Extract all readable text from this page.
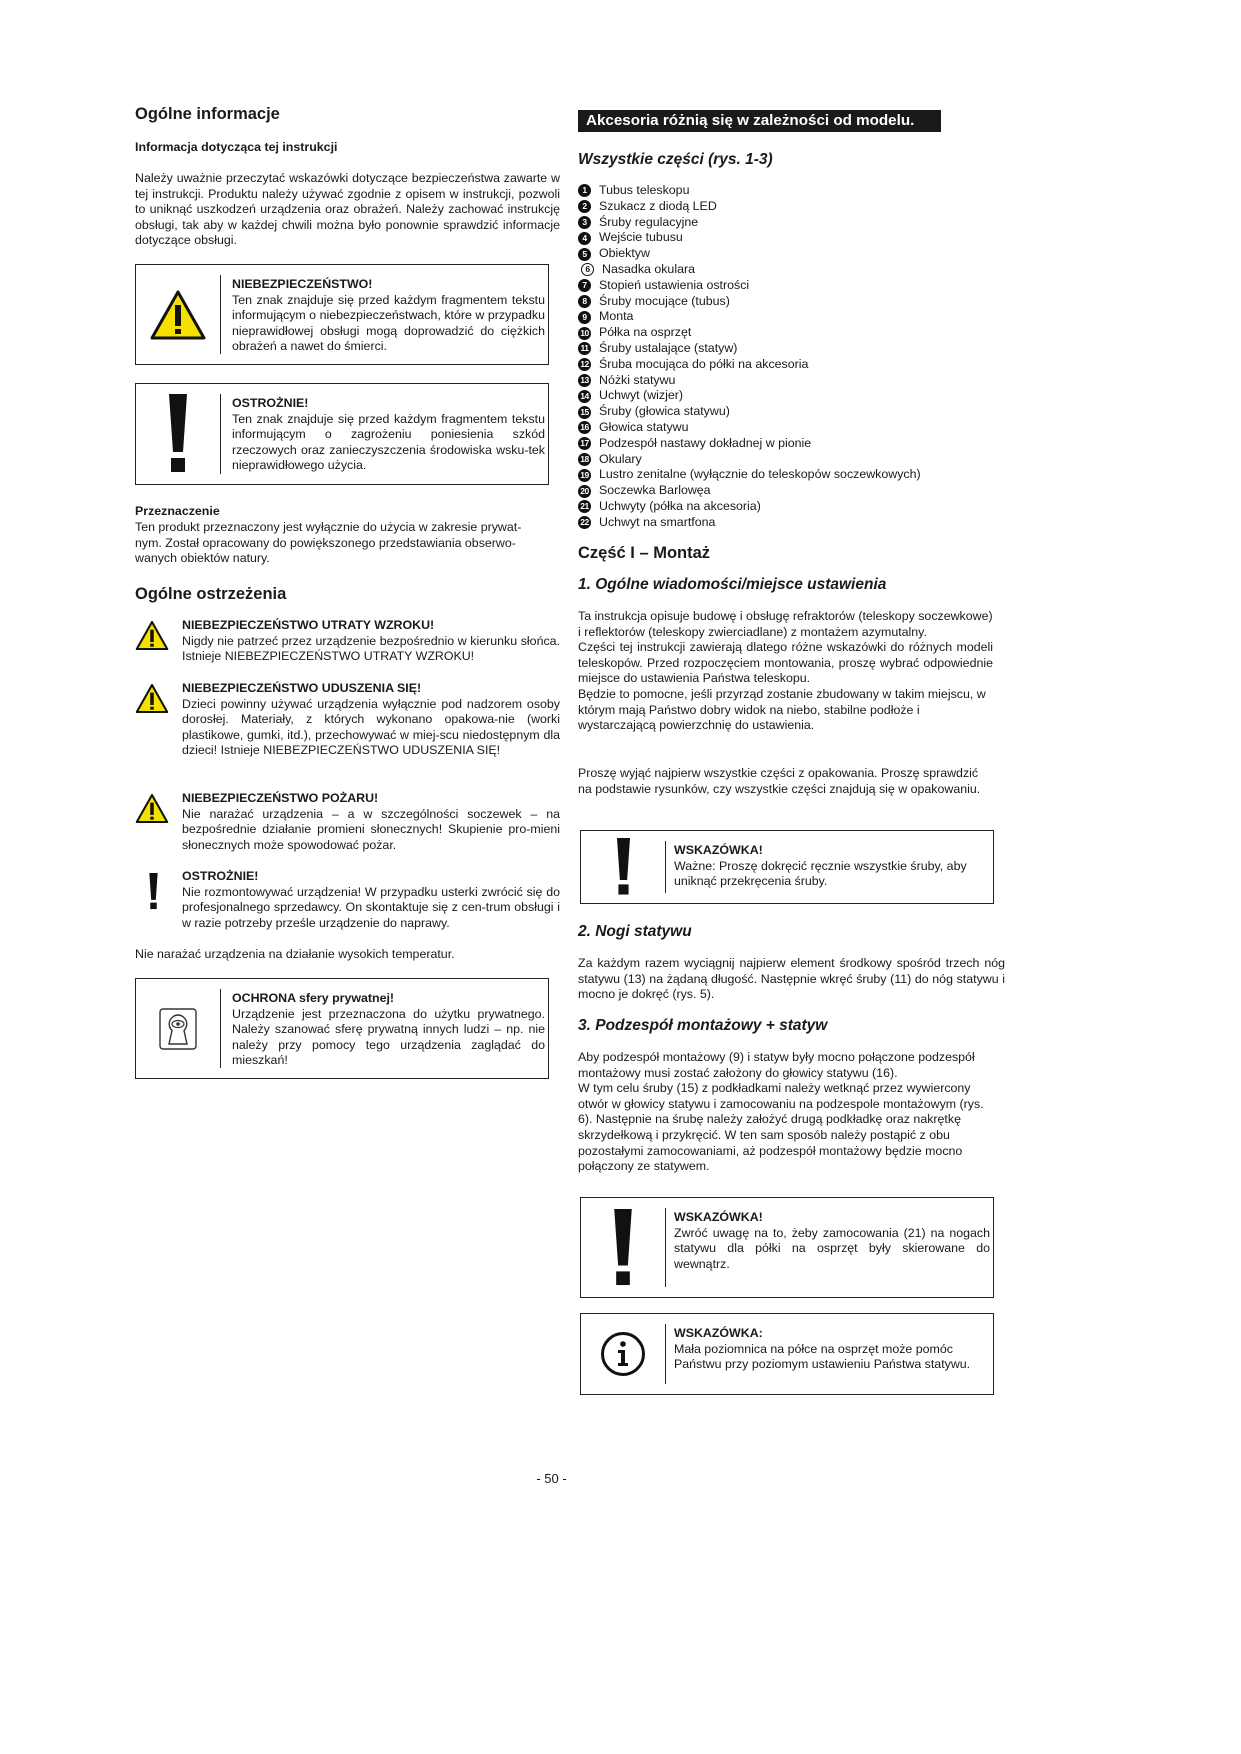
Ogólne informacje
Informacja dotycząca tej instrukcji

Należy uważnie przeczytać wskazówki dotyczące bezpieczeństwa zawarte w tej instrukcji. Produktu należy używać zgodnie z opisem w instrukcji, pozwoli to uniknąć uszkodzeń urządzenia oraz obrażeń. Należy zachować instrukcję obsługi, tak aby w każdej chwili można było ponownie sprawdzić informacje dotyczące obsługi.

NIEBEZPIECZEŃSTWO!
Ten znak znajduje się przed każdym fragmentem tekstu informującym o niebezpieczeństwach, które w przypadku nieprawidłowej obsługi mogą doprowadzić do ciężkich obrażeń a nawet do śmierci.
OSTROŻNIE!
Ten znak znajduje się przed każdym fragmentem tekstu informującym o zagrożeniu poniesienia szkód rzeczowych oraz zanieczyszczenia środowiska wsku-tek nieprawidłowego użycia.
Przeznaczenie

Ten produkt przeznaczony jest wyłącznie do użycia w zakresie prywat-nym. Został opracowany do powiększonego przedstawiania obserwo-wanych obiektów natury.

Ogólne ostrzeżenia
NIEBEZPIECZEŃSTWO UTRATY WZROKU!
Nigdy nie patrzeć przez urządzenie bezpośrednio w kierunku słońca. Istnieje NIEBEZPIECZEŃSTWO UTRATY WZROKU!
NIEBEZPIECZEŃSTWO UDUSZENIA SIĘ!
Dzieci powinny używać urządzenia wyłącznie pod nadzorem osoby dorosłej. Materiały, z których wykonano opakowa-nie (worki plastikowe, gumki, itd.), przechowywać w miej-scu niedostępnym dla dzieci! Istnieje NIEBEZPIECZEŃSTWO UDUSZENIA SIĘ!
NIEBEZPIECZEŃSTWO POŻARU!
Nie narażać urządzenia – a w szczególności soczewek – na bezpośrednie działanie promieni słonecznych! Skupienie pro-mieni słonecznych może spowodować pożar.
OSTROŻNIE!
Nie rozmontowywać urządzenia! W przypadku usterki zwrócić się do profesjonalnego sprzedawcy. On skontaktuje się z cen-trum obsługi i w razie potrzeby prześle urządzenie do naprawy.

Nie narażać urządzenia na działanie wysokich temperatur.

OCHRONA sfery prywatnej!
Urządzenie jest przeznaczona do użytku prywatnego. Należy szanować sferę prywatną innych ludzi – np. nie należy przy pomocy tego urządzenia zaglądać do mieszkań!
Akcesoria różnią się w zależności od modelu.
Wszystkie części (rys. 1-3)
1 Tubus teleskopu
2 Szukacz z diodą LED
3 Śruby regulacyjne
4 Wejście tubusu
5 Obiektyw
6 Nasadka okulara
7 Stopień ustawienia ostrości
8 Śruby mocujące (tubus)
9 Monta
10 Półka na osprzęt
11 Śruby ustalające (statyw)
12 Śruba mocująca do półki na akcesoria
13 Nóżki statywu
14 Uchwyt (wizjer)
15 Śruby (głowica statywu)
16 Głowica statywu
17 Podzespół nastawy dokładnej w pionie
18 Okulary
19 Lustro zenitalne (wyłącznie do teleskopów soczewkowych)
20 Soczewka Barlowęa
21 Uchwyty (półka na akcesoria)
22 Uchwyt na smartfona
Część I – Montaż
1. Ogólne wiadomości/miejsce ustawienia

Ta instrukcja opisuje budowę i obsługę refraktorów (teleskopy soczewkowe) i reflektorów (teleskopy zwierciadlane) z montażem azymutalny.

Części tej instrukcji zawierają dlatego różne wskazówki do różnych modeli teleskopów. Przed rozpoczęciem montowania, proszę wybrać odpowiednie miejsce do ustawienia Państwa teleskopu.

Będzie to pomocne, jeśli przyrząd zostanie zbudowany w takim miejscu, w którym mają Państwo dobry widok na niebo, stabilne podłoże i wystarczającą powierzchnię do ustawienia.

Proszę wyjąć najpierw wszystkie części z opakowania. Proszę sprawdzić na podstawie rysunków, czy wszystkie części znajdują się w opakowaniu.

WSKAZÓWKA!
Ważne: Proszę dokręcić ręcznie wszystkie śruby, aby uniknąć przekręcenia śruby.
2. Nogi statywu

Za każdym razem wyciągnij najpierw element środkowy spośród trzech nóg statywu (13) na żądaną długość. Następnie wkręć śruby (11) do nóg statywu i mocno je dokręć (rys. 5).

3. Podzespół montażowy + statyw

Aby podzespół montażowy (9) i statyw były mocno połączone podzespół montażowy musi zostać założony do głowicy statywu (16).

W tym celu śruby (15) z podkładkami należy wetknąć przez wywiercony otwór w głowicy statywu i zamocowaniu na podzespole montażowym (rys. 6). Następnie na śrubę należy założyć drugą podkładkę oraz nakrętkę skrzydełkową i przykręcić. W ten sam sposób należy postąpić z obu pozostałymi zamocowaniami, aż podzespół montażowy będzie mocno połączony ze statywem.

WSKAZÓWKA!
Zwróć uwagę na to, żeby zamocowania (21) na nogach statywu dla półki na osprzęt były skierowane do wewnątrz.
WSKAZÓWKA:
Mała poziomnica na półce na osprzęt może pomóc Państwu przy poziomym ustawieniu Państwa statywu.
- 50 -
